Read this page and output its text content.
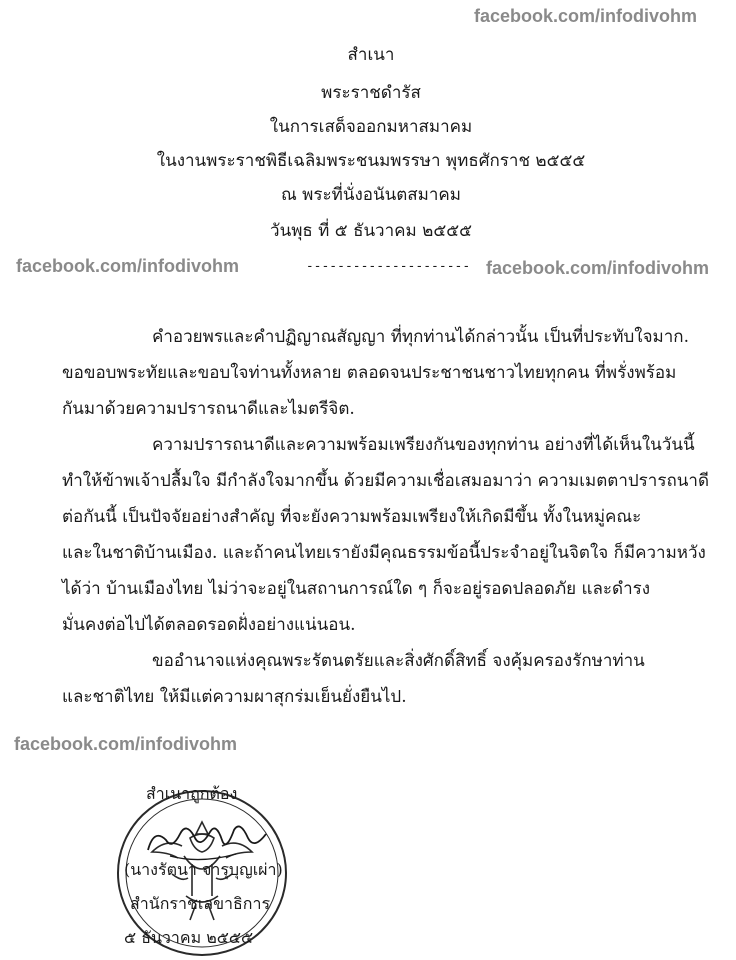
facebook.com/infodivohm
facebook.com/infodivohm	facebook.com/infodivohm
facebook.com/infodivohm
สำเนา
พระราชดำรัส
ในการเสด็จออกมหาสมาคม
ในงานพระราชพิธีเฉลิมพระชนมพรรษา พุทธศักราช ๒๕๕๕
ณ พระที่นั่งอนันตสมาคม
วันพุธ ที่ ๕ ธันวาคม ๒๕๕๕
---------------------
คำอวยพรและคำปฏิญาณสัญญา ที่ทุกท่านได้กล่าวนั้น เป็นที่ประทับใจมาก.
ขอขอบพระทัยและขอบใจท่านทั้งหลาย ตลอดจนประชาชนชาวไทยทุกคน ที่พรั่งพร้อม
กันมาด้วยความปรารถนาดีและไมตรีจิต.
ความปรารถนาดีและความพร้อมเพรียงกันของทุกท่าน อย่างที่ได้เห็นในวันนี้
ทำให้ข้าพเจ้าปลื้มใจ มีกำลังใจมากขึ้น ด้วยมีความเชื่อเสมอมาว่า ความเมตตาปรารถนาดี
ต่อกันนี้ เป็นปัจจัยอย่างสำคัญ ที่จะยังความพร้อมเพรียงให้เกิดมีขึ้น ทั้งในหมู่คณะ
และในชาติบ้านเมือง. และถ้าคนไทยเรายังมีคุณธรรมข้อนี้ประจำอยู่ในจิตใจ ก็มีความหวัง
ได้ว่า บ้านเมืองไทย ไม่ว่าจะอยู่ในสถานการณ์ใด ๆ ก็จะอยู่รอดปลอดภัย และดำรง
มั่นคงต่อไปได้ตลอดรอดฝั่งอย่างแน่นอน.
ขออำนาจแห่งคุณพระรัตนตรัยและสิ่งศักดิ์สิทธิ์ จงคุ้มครองรักษาท่าน
และชาติไทย ให้มีแต่ความผาสุกร่มเย็นยั่งยืนไป.
สำเนาถูกต้อง
(นางรัตนา จารุบุญเผ่า)
สำนักราชเลขาธิการ
๕ ธันวาคม ๒๕๕๕
